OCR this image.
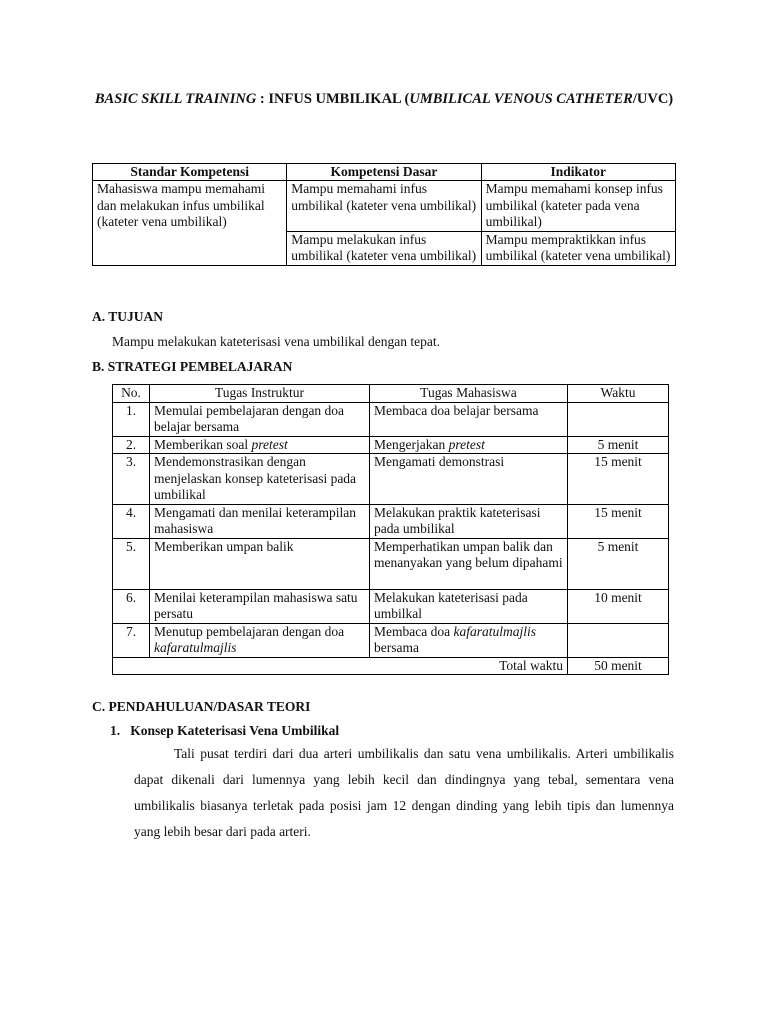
BASIC SKILL TRAINING : INFUS UMBILIKAL (UMBILICAL VENOUS CATHETER/UVC)
Standar Kompetensi	Kompetensi Dasar	Indikator
Mahasiswa mampu memahami dan melakukan infus umbilikal (kateter vena umbilikal)	Mampu memahami infus umbilikal (kateter vena umbilikal)	Mampu memahami konsep infus umbilikal (kateter pada vena umbilikal)
	Mampu melakukan infus umbilikal (kateter vena umbilikal)	Mampu mempraktikkan infus umbilikal (kateter vena umbilikal)
A. TUJUAN
Mampu melakukan kateterisasi vena umbilikal dengan tepat.
B. STRATEGI PEMBELAJARAN
No.	Tugas Instruktur	Tugas Mahasiswa	Waktu
1.	Memulai pembelajaran dengan doa belajar bersama	Membaca doa belajar bersama	
2.	Memberikan soal pretest	Mengerjakan pretest	5 menit
3.	Mendemonstrasikan dengan menjelaskan konsep kateterisasi pada umbilikal	Mengamati demonstrasi	15 menit
4.	Mengamati dan menilai keterampilan mahasiswa	Melakukan praktik kateterisasi pada umbilikal	15 menit
5.	Memberikan umpan balik	Memperhatikan umpan balik dan menanyakan yang belum dipahami	5 menit
6.	Menilai keterampilan mahasiswa satu persatu	Melakukan kateterisasi pada umbilkal	10 menit
7.	Menutup pembelajaran dengan doa kafaratulmajlis	Membaca doa kafaratulmajlis bersama	
Total waktu			50 menit
C. PENDAHULUAN/DASAR TEORI
1.   Konsep Kateterisasi Vena Umbilikal
Tali pusat terdiri dari dua arteri umbilikalis dan satu vena umbilikalis. Arteri umbilikalis dapat dikenali dari lumennya yang lebih kecil dan dindingnya yang tebal, sementara vena umbilikalis biasanya terletak pada posisi jam 12 dengan dinding yang lebih tipis dan lumennya yang lebih besar dari pada arteri.
